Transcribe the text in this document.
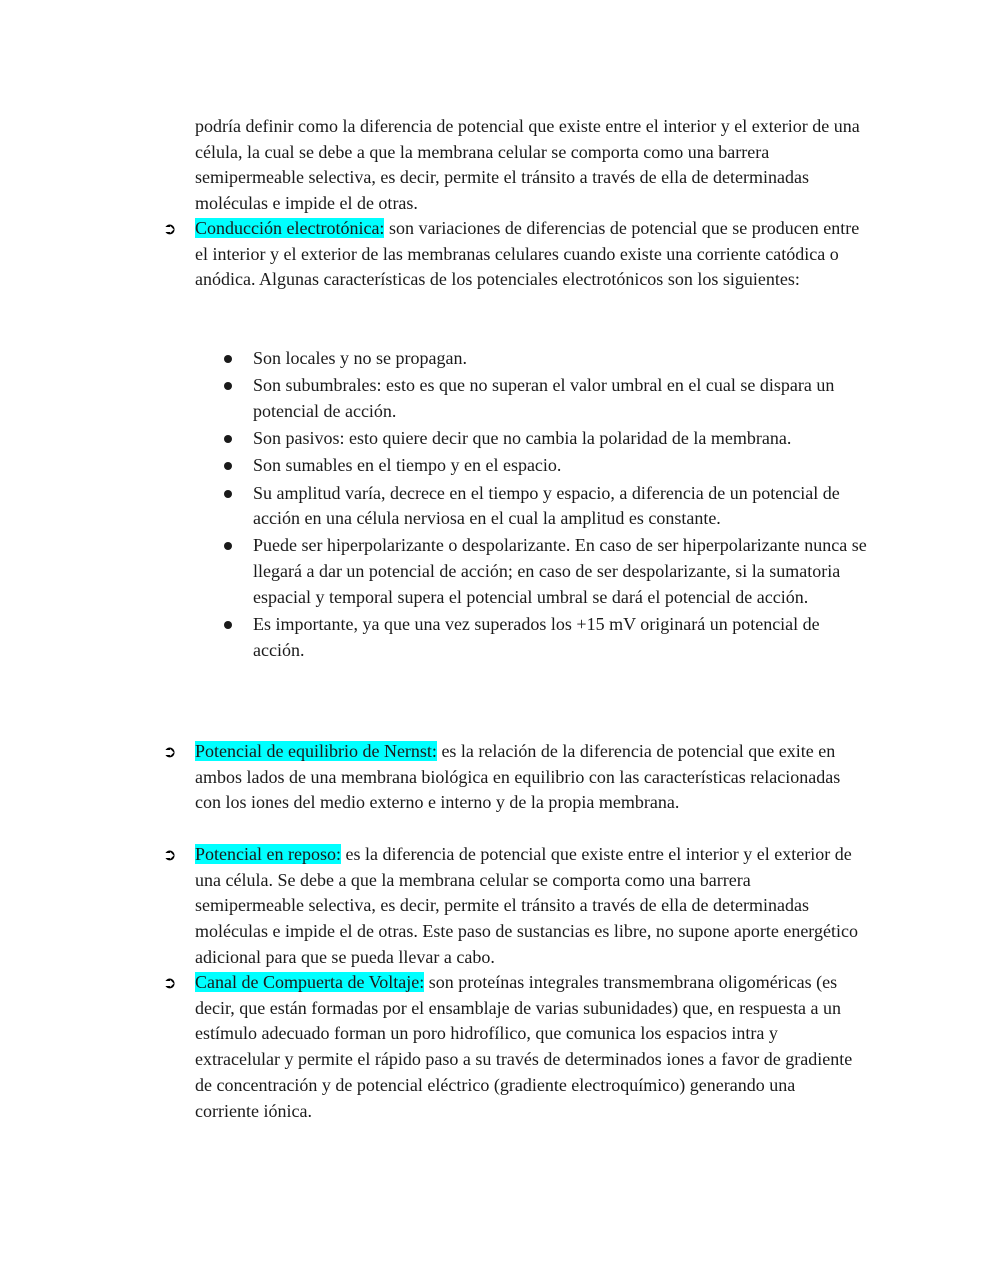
podría definir como la diferencia de potencial que existe entre el interior y el exterior de una célula, la cual se debe a que la membrana celular se comporta como una barrera semipermeable selectiva, es decir, permite el tránsito a través de ella de determinadas moléculas e impide el de otras.

➲ Conducción electrotónica: son variaciones de diferencias de potencial que se producen entre el interior y el exterior de las membranas celulares cuando existe una corriente catódica o anódica. Algunas características de los potenciales electrotónicos son los siguientes:

Son locales y no se propagan.
Son subumbrales: esto es que no superan el valor umbral en el cual se dispara un potencial de acción.
Son pasivos: esto quiere decir que no cambia la polaridad de la membrana.
Son sumables en el tiempo y en el espacio.
Su amplitud varía, decrece en el tiempo y espacio, a diferencia de un potencial de acción en una célula nerviosa en el cual la amplitud es constante.
Puede ser hiperpolarizante o despolarizante. En caso de ser hiperpolarizante nunca se llegará a dar un potencial de acción; en caso de ser despolarizante, si la sumatoria espacial y temporal supera el potencial umbral se dará el potencial de acción.
Es importante, ya que una vez superados los +15 mV originará un potencial de acción.
➲ Potencial de equilibrio de Nernst: es la relación de la diferencia de potencial que exite en ambos lados de una membrana biológica en equilibrio con las características relacionadas con los iones del medio externo e interno y de la propia membrana.

➲ Potencial en reposo: es la diferencia de potencial que existe entre el interior y el exterior de una célula. Se debe a que la membrana celular se comporta como una barrera semipermeable selectiva, es decir, permite el tránsito a través de ella de determinadas moléculas e impide el de otras. Este paso de sustancias es libre, no supone aporte energético adicional para que se pueda llevar a cabo.

➲ Canal de Compuerta de Voltaje: son proteínas integrales transmembrana oligoméricas (es decir, que están formadas por el ensamblaje de varias subunidades) que, en respuesta a un estímulo adecuado forman un poro hidrofílico, que comunica los espacios intra y extracelular y permite el rápido paso a su través de determinados iones a favor de gradiente de concentración y de potencial eléctrico (gradiente electroquímico) generando una corriente iónica.
